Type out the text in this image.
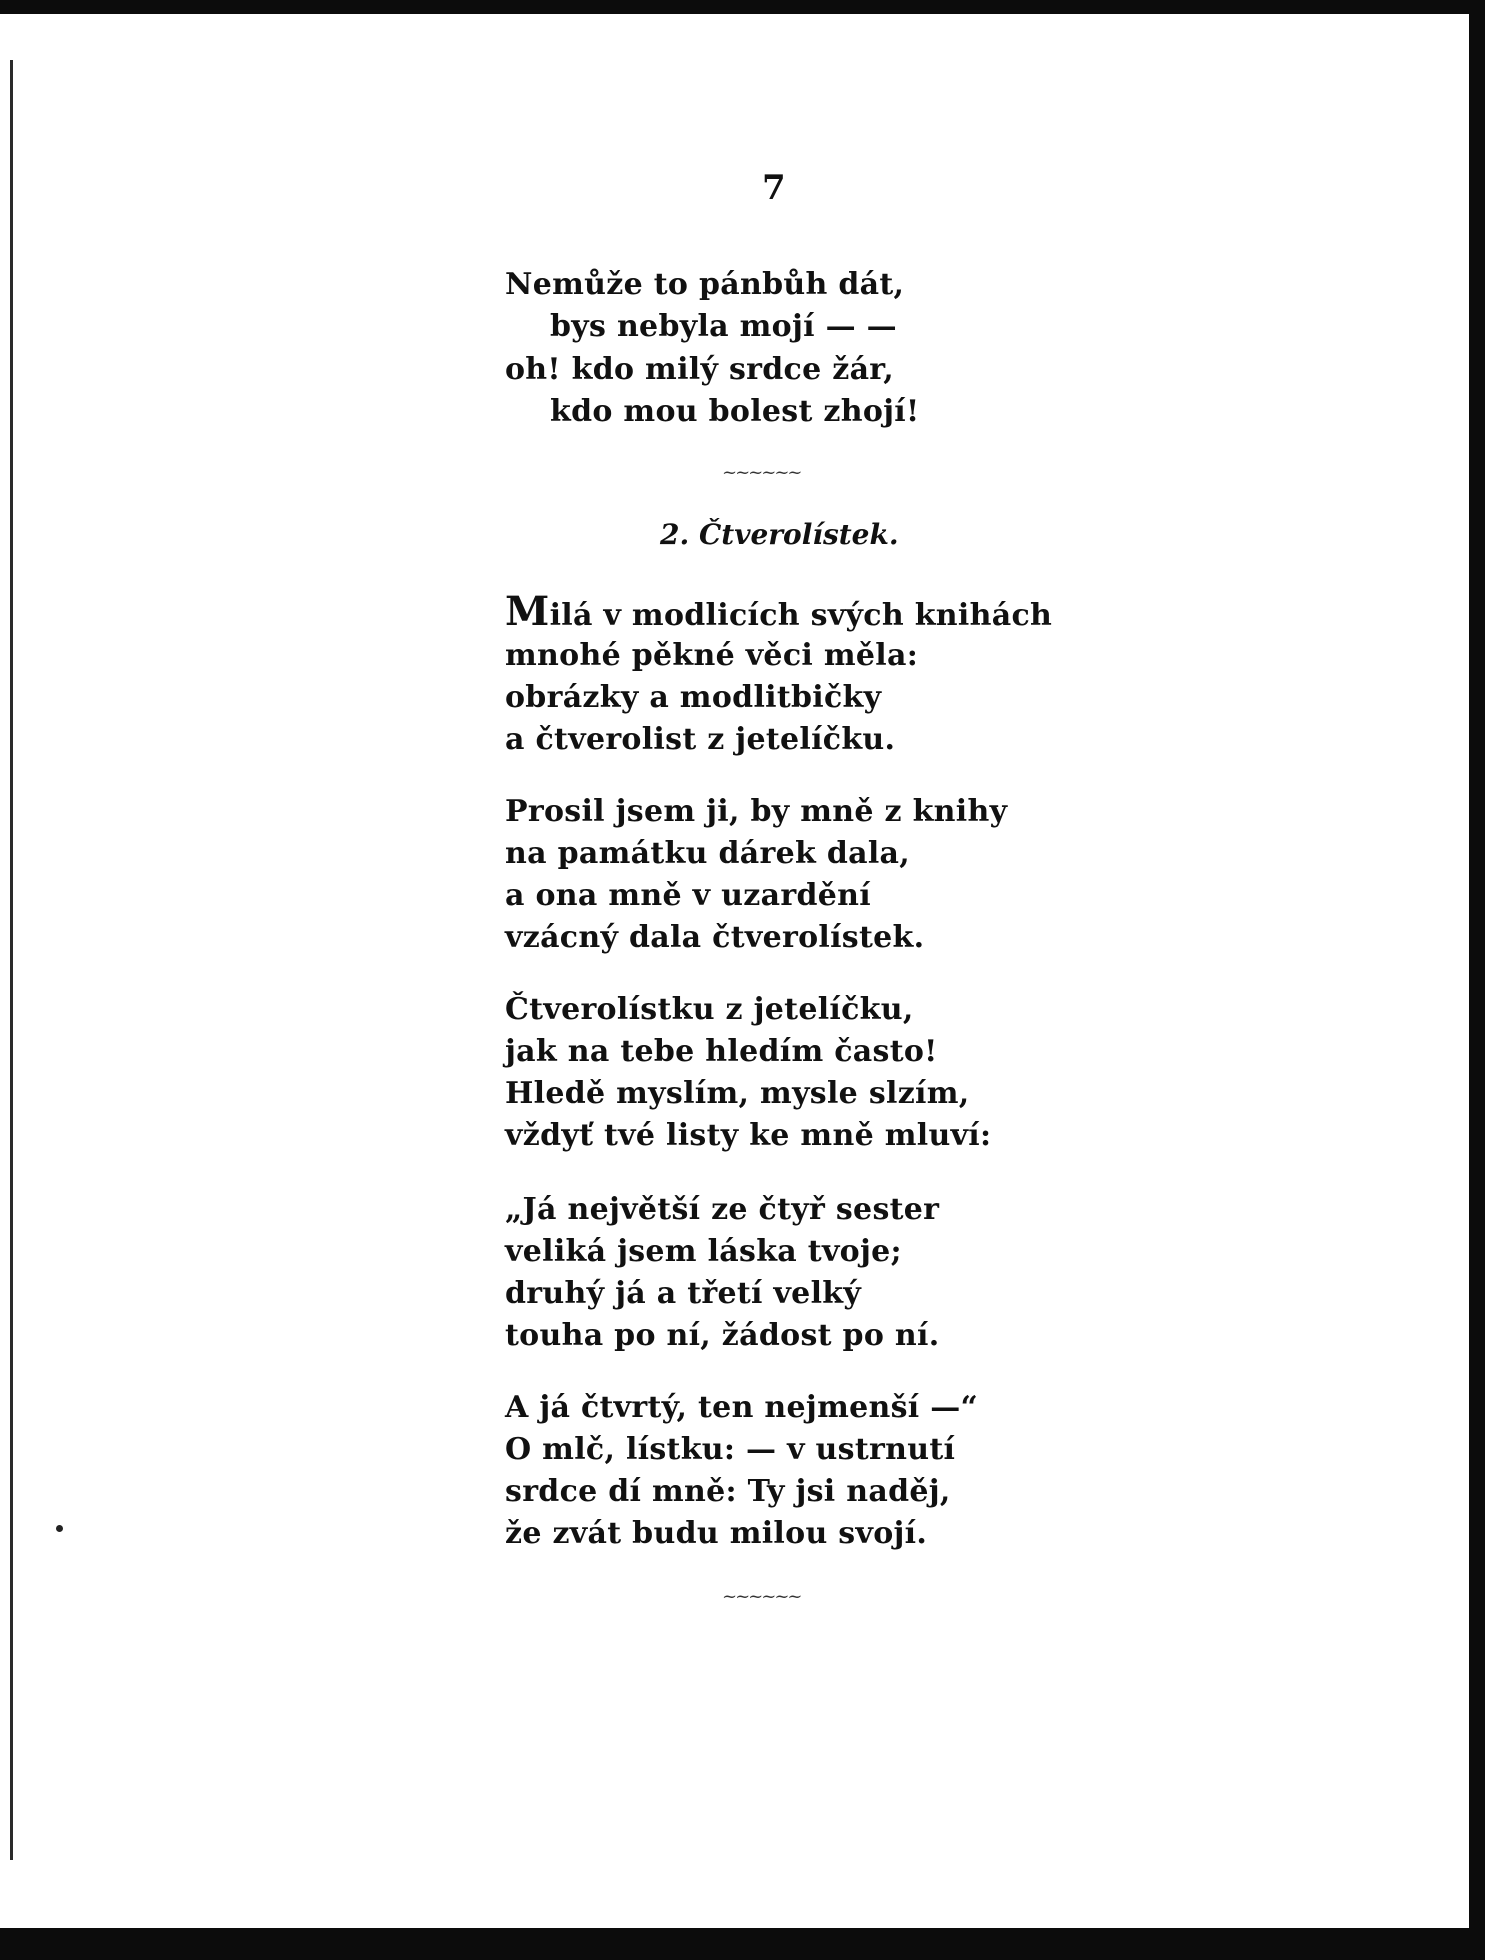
7

Nemůže to pánbůh dát,
bys nebyla mojí — —
oh! kdo milý srdce žár,
kdo mou bolest zhojí!
~~~~~~

2. Čtverolístek.

Milá v modlicích svých knihách
mnohé pěkné věci měla:
obrázky a modlitbičky
a čtverolist z jetelíčku.
Prosil jsem ji, by mně z knihy
na památku dárek dala,
a ona mně v uzardění
vzácný dala čtverolístek.
Čtverolístku z jetelíčku,
jak na tebe hledím často!
Hledě myslím, mysle slzím,
vždyť tvé listy ke mně mluví:
„Já největší ze čtyř sester
veliká jsem láska tvoje;
druhý já a třetí velký
touha po ní, žádost po ní.
A já čtvrtý, ten nejmenší —“
O mlč, lístku: — v ustrnutí
srdce dí mně: Ty jsi naděj,
že zvát budu milou svojí.
~~~~~~
